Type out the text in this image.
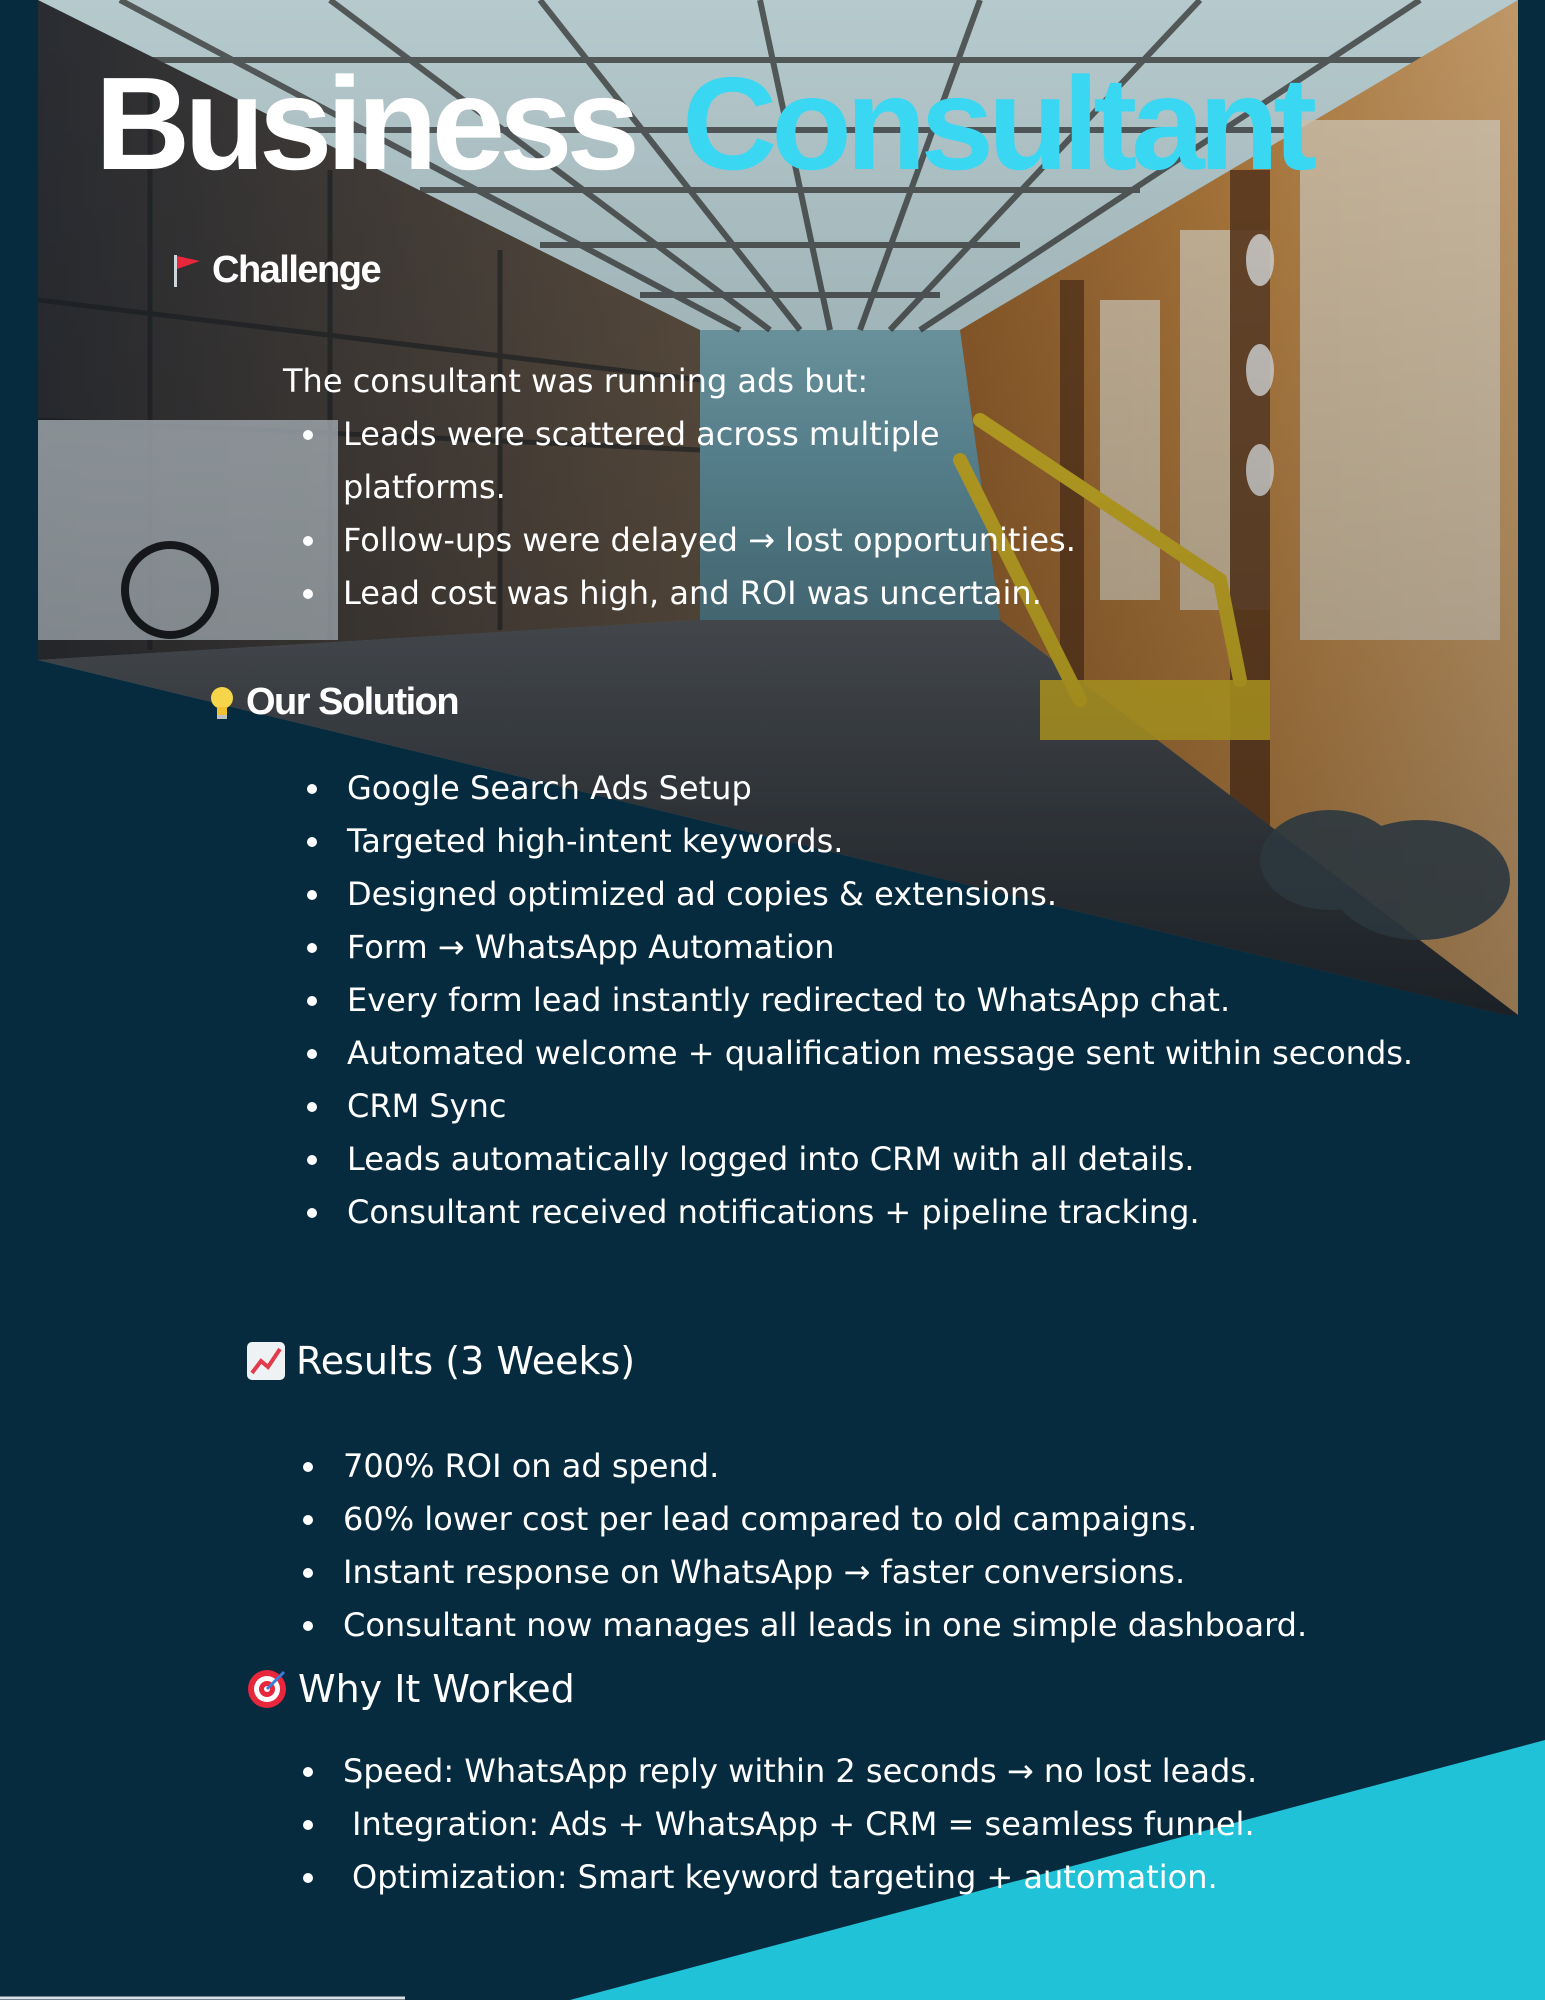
Business Consultant
Challenge

The consultant was running ads but:

Leads were scattered across multiple platforms.
Follow-ups were delayed → lost opportunities.
Lead cost was high, and ROI was uncertain.
Our Solution
Google Search Ads Setup
Targeted high-intent keywords.
Designed optimized ad copies & extensions.
Form → WhatsApp Automation
Every form lead instantly redirected to WhatsApp chat.
Automated welcome + qualification message sent within seconds.
CRM Sync
Leads automatically logged into CRM with all details.
Consultant received notifications + pipeline tracking.
Results (3 Weeks)
700% ROI on ad spend.
60% lower cost per lead compared to old campaigns.
Instant response on WhatsApp → faster conversions.
Consultant now manages all leads in one simple dashboard.
Why It Worked
Speed: WhatsApp reply within 2 seconds → no lost leads.
Integration: Ads + WhatsApp + CRM = seamless funnel.
Optimization: Smart keyword targeting + automation.
